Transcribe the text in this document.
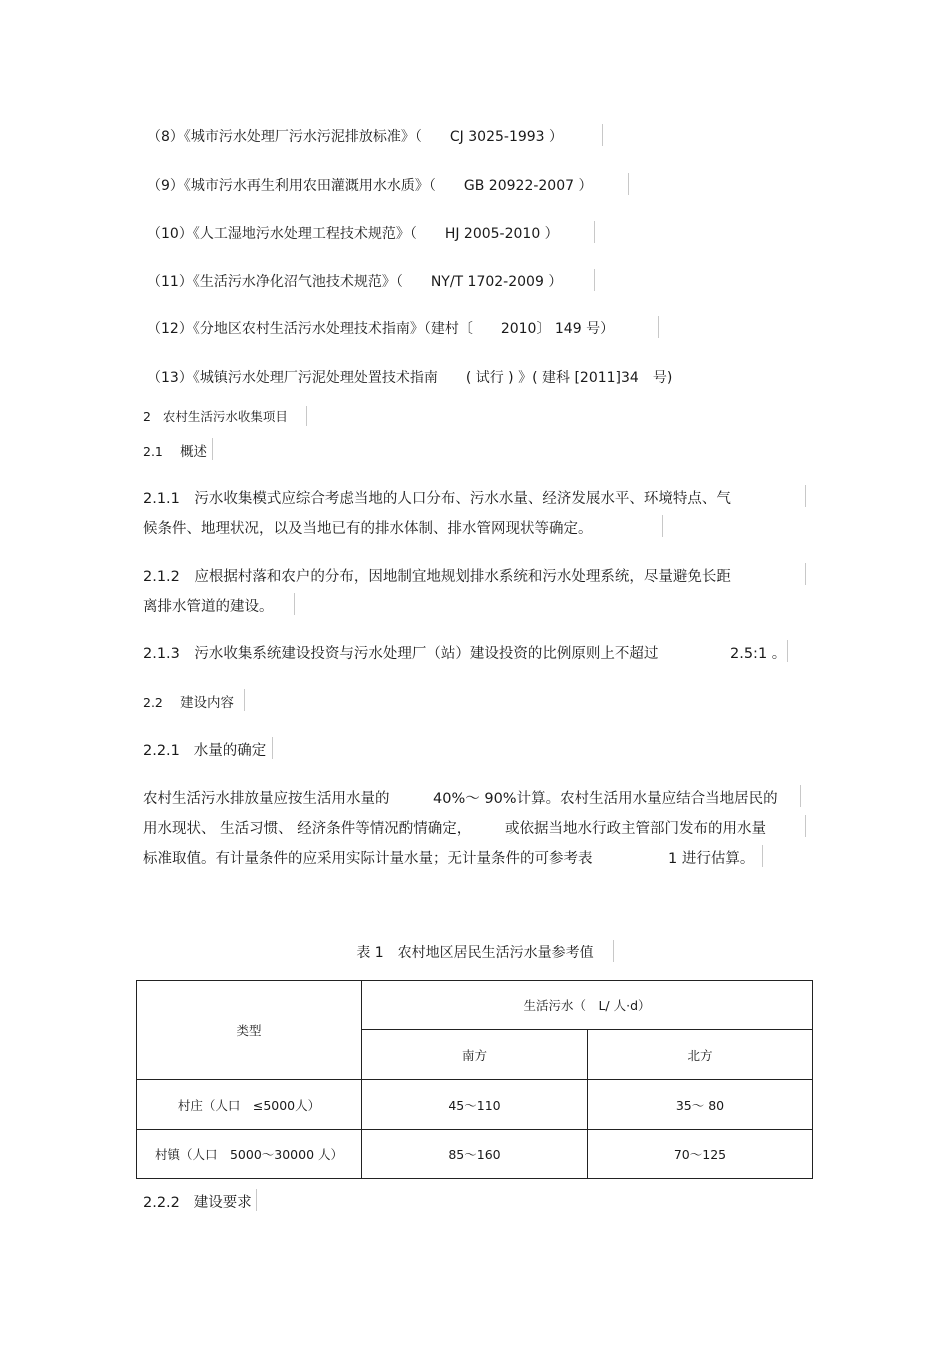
（8）《城市污水处理厂污水污泥排放标准》（　　CJ 3025-1993 ）
（9）《城市污水再生利用农田灌溉用水水质》（　　GB 20922-2007 ）
（10）《人工湿地污水处理工程技术规范》（　　HJ 2005-2010 ）
（11）《生活污水净化沼气池技术规范》（　　NY/T 1702-2009 ）
（12）《分地区农村生活污水处理技术指南》（建村〔　　2010〕 149 号）
（13）《城镇污水处理厂污泥处理处置技术指南　　( 试行 ) 》( 建科 [2011]34　号)
2 农村生活污水收集项目
2.1 概述
2.1.1　污水收集模式应综合考虑当地的人口分布、污水水量、经济发展水平、环境特点、气
候条件、地理状况，以及当地已有的排水体制、排水管网现状等确定。
2.1.2　应根据村落和农户的分布，因地制宜地规划排水系统和污水处理系统，尽量避免长距
离排水管道的建设。
2.1.3　污水收集系统建设投资与污水处理厂（站）建设投资的比例原则上不超过	2.5:1 。
2.2 建设内容
2.2.1 水量的确定
农村生活污水排放量应按生活用水量的	40%～ 90%计算。农村生活用水量应结合当地居民的
用水现状、 生活习惯、 经济条件等情况酌情确定， 或依据当地水行政主管部门发布的用水量
标准取值。有计量条件的应采用实际计量水量；无计量条件的可参考表	1 进行估算。
表 1　农村地区居民生活污水量参考值
类型	生活污水（　L/ 人·d）	
	南方	北方
村庄（人口　≤5000人）	45～110	35～ 80
村镇（人口　5000～30000 人）	85～160	70～125
2.2.2 建设要求
